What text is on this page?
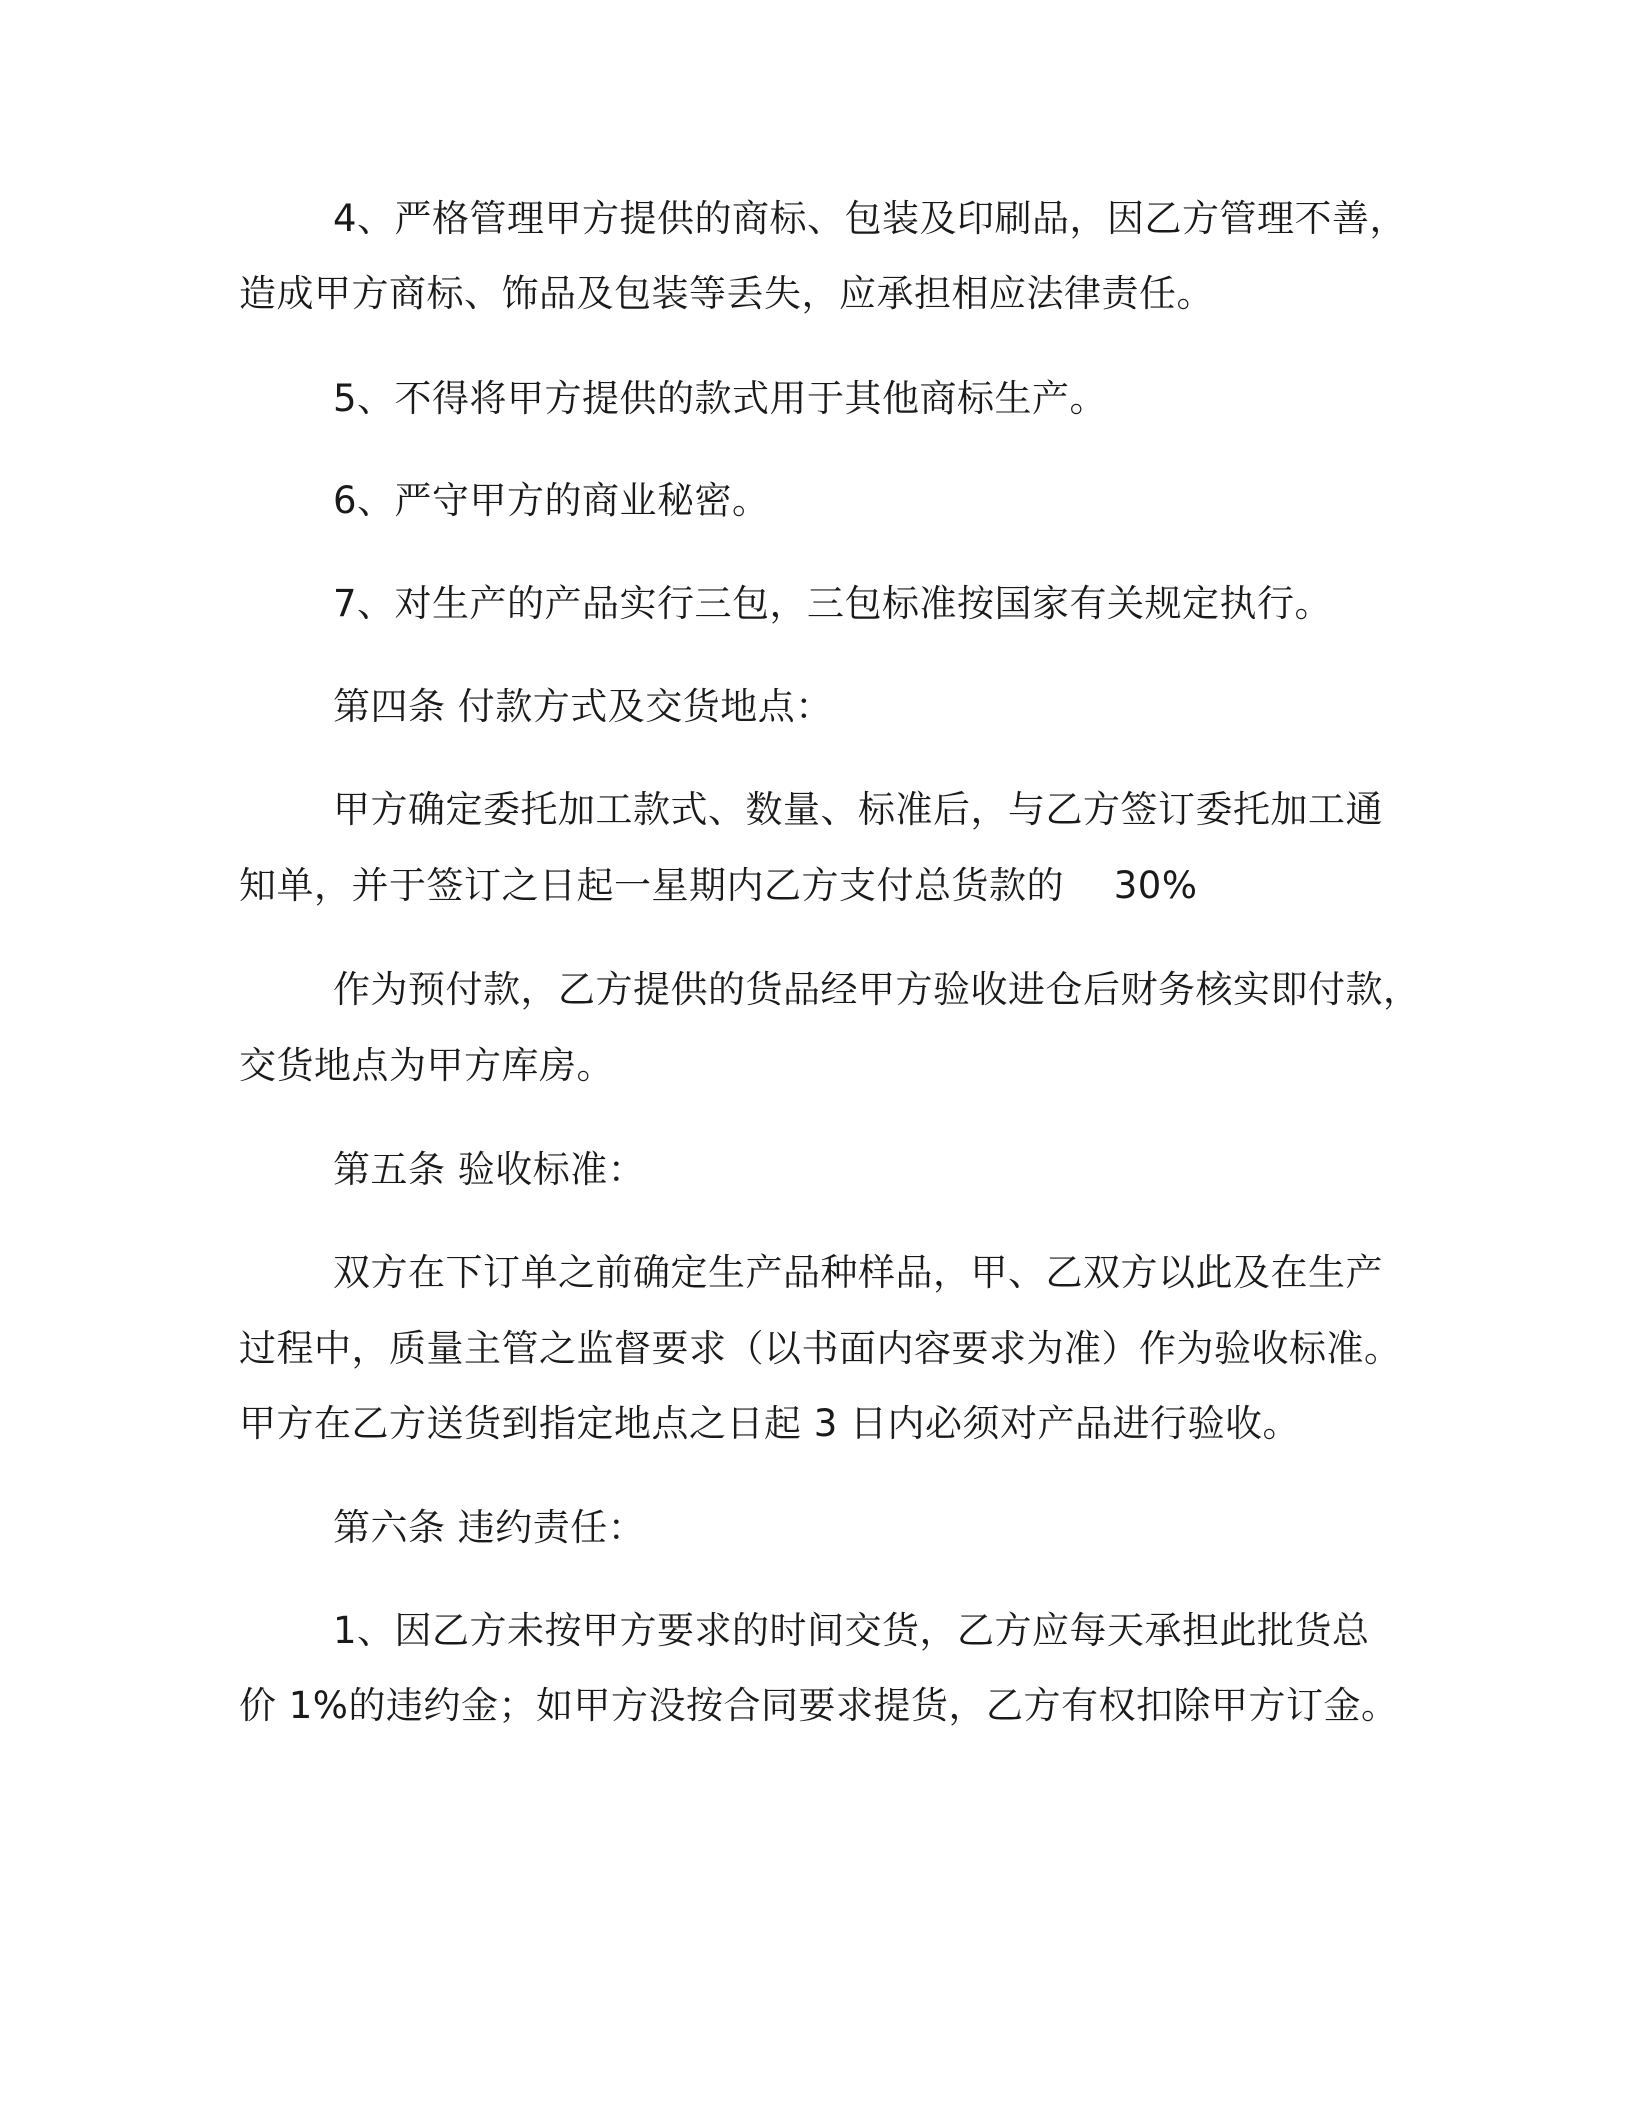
4、严格管理甲方提供的商标、包装及印刷品，因乙方管理不善，
造成甲方商标、饰品及包装等丢失，应承担相应法律责任。
5、不得将甲方提供的款式用于其他商标生产。
6、严守甲方的商业秘密。
7、对生产的产品实行三包，三包标准按国家有关规定执行。
第四条 付款方式及交货地点：
甲方确定委托加工款式、数量、标准后，与乙方签订委托加工通
知单，并于签订之日起一星期内乙方支付总货款的　 30%
作为预付款，乙方提供的货品经甲方验收进仓后财务核实即付款，
交货地点为甲方库房。
第五条 验收标准：
双方在下订单之前确定生产品种样品，甲、乙双方以此及在生产
过程中，质量主管之监督要求（以书面内容要求为准）作为验收标准。
甲方在乙方送货到指定地点之日起 3 日内必须对产品进行验收。
第六条 违约责任：
1、因乙方未按甲方要求的时间交货，乙方应每天承担此批货总
价 1%的违约金；如甲方没按合同要求提货，乙方有权扣除甲方订金。
